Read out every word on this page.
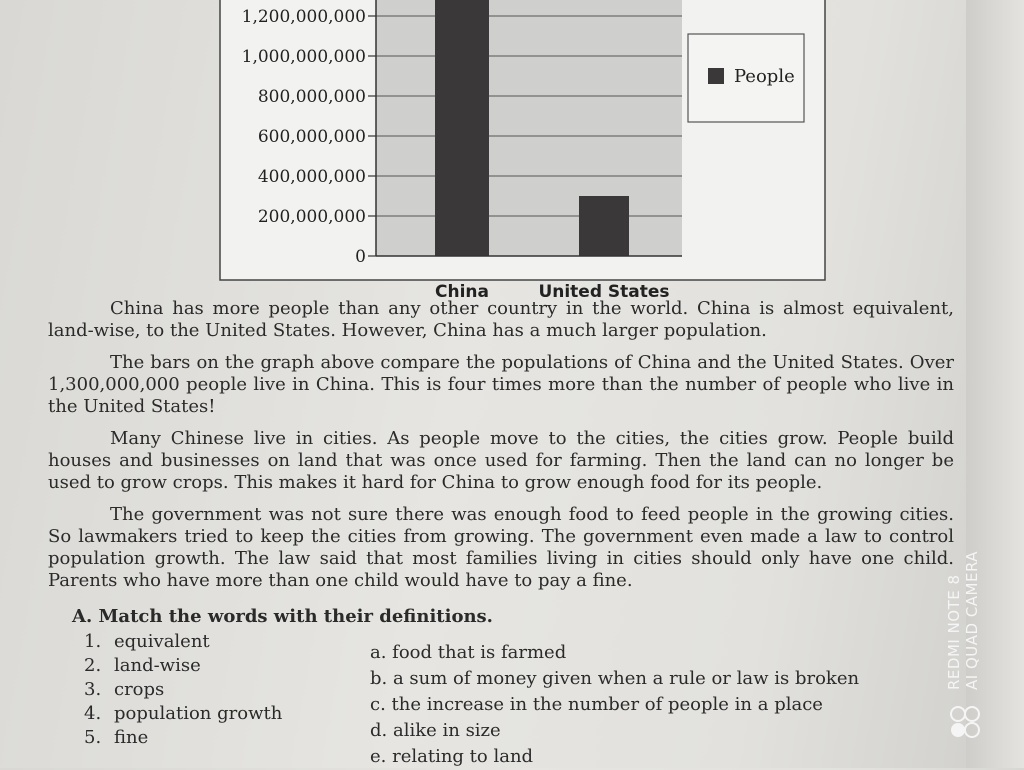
0
200,000,000
400,000,000
600,000,000
800,000,000
1,000,000,000
1,200,000,000
China	United States
People

China has more people than any other country in the world. China is almost equivalent, land-wise, to the United States. However, China has a much larger population.

The bars on the graph above compare the populations of China and the United States. Over 1,300,000,000 people live in China. This is four times more than the number of people who live in the United States!

Many Chinese live in cities. As people move to the cities, the cities grow. People build houses and businesses on land that was once used for farming. Then the land can no longer be used to grow crops. This makes it hard for China to grow enough food for its people.

The government was not sure there was enough food to feed people in the growing cities. So lawmakers tried to keep the cities from growing. The government even made a law to control population growth. The law said that most families living in cities should only have one child. Parents who have more than one child would have to pay a fine.

A. Match the words with their definitions.

1. equivalent
2. land-wise
3. crops
4. population growth
5. fine
a. food that is farmed
b. a sum of money given when a rule or law is broken
c. the increase in the number of people in a place
d. alike in size
e. relating to land
REDMI NOTE 8 AI QUAD CAMERA
